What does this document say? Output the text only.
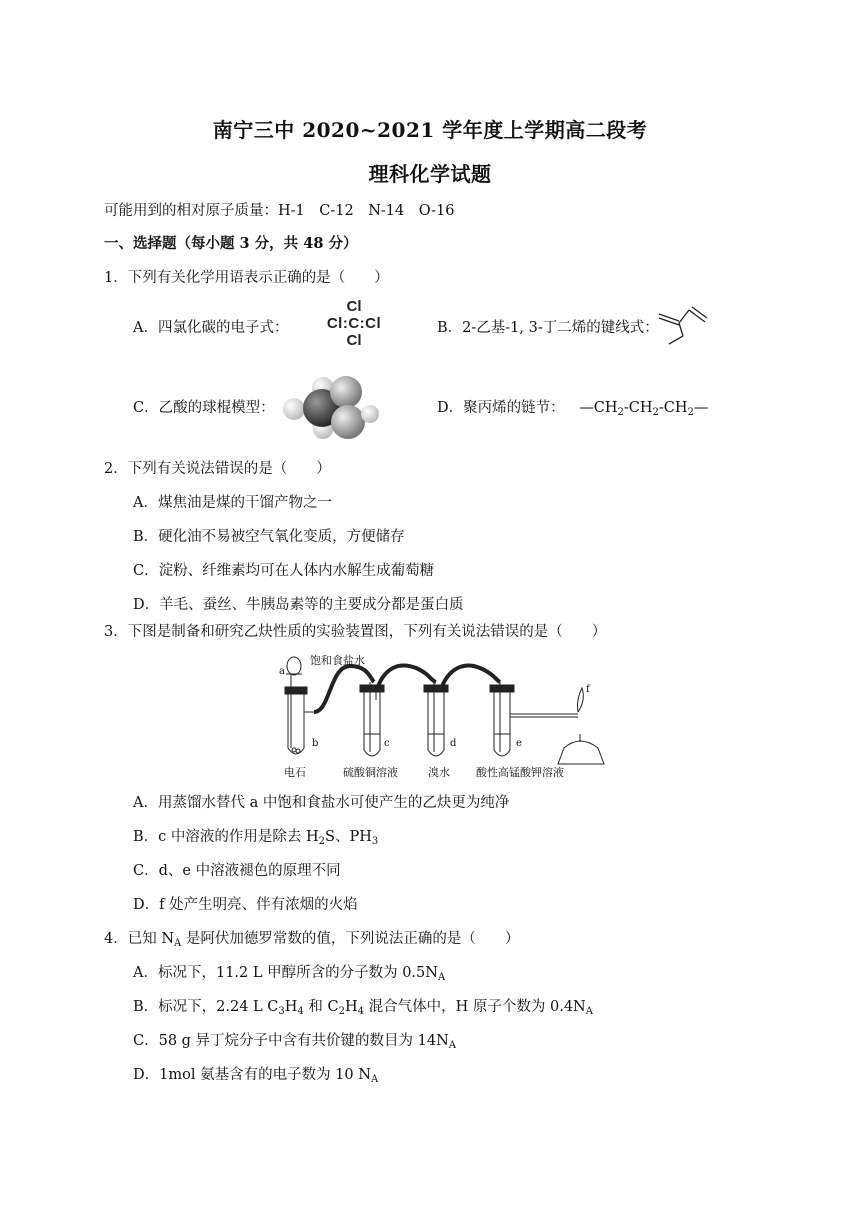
南宁三中 2020~2021 学年度上学期高二段考
理科化学试题
可能用到的相对原子质量：H-1　C-12　N-14　O-16
一、选择题（每小题 3 分，共 48 分）
1．下列有关化学用语表示正确的是（　　）
A．四氯化碳的电子式：
Cl
Cl:C:Cl
Cl
B．2-乙基-1, 3-丁二烯的键线式：
C．乙酸的球棍模型：	D．聚丙烯的链节： $—CH_2-CH_2-CH_2—$
2．下列有关说法错误的是（　　）
A．煤焦油是煤的干馏产物之一
B．硬化油不易被空气氧化变质，方便储存
C．淀粉、纤维素均可在人体内水解生成葡萄糖
D．羊毛、蚕丝、牛胰岛素等的主要成分都是蛋白质
3．下图是制备和研究乙炔性质的实验装置图，下列有关说法错误的是（　　）
饱和食盐水
a
b	c	d	e
f
电石	硫酸铜溶液	溴水 酸性高锰酸钾溶液
A．用蒸馏水替代 a 中饱和食盐水可使产生的乙炔更为纯净
B．c 中溶液的作用是除去 $H_2S$、$PH_3$
C．d、e 中溶液褪色的原理不同
D．f 处产生明亮、伴有浓烟的火焰
4．已知 $N_A$ 是阿伏加德罗常数的值，下列说法正确的是（　　）
A．标况下，11.2 L 甲醇所含的分子数为 $0.5N_A$
B．标况下，2.24 L $C_3H_4$ 和 $C_2H_4$ 混合气体中，H 原子个数为 $0.4N_A$
C．58 g 异丁烷分子中含有共价键的数目为 $14N_A$
D．1mol 氨基含有的电子数为 10 $N_A$
